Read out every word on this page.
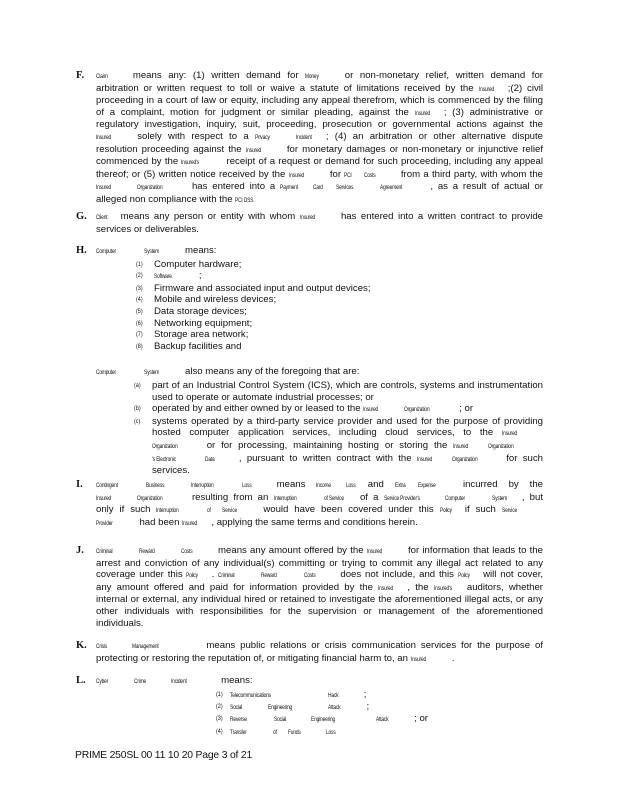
F. Claim	means any: (1) written demand for Money	or non-monetary relief, written demand for arbitration or written request to toll or waive a statute of limitations received by the Insured ;(2) civil proceeding in a court of law or equity, including any appeal therefrom, which is commenced by the filing of a complaint, motion for judgment or similar pleading, against the Insured ; (3) administrative or regulatory investigation, inquiry, suit, proceeding, prosecution or governmental actions against the Insured	solely with respect to a Privacy	Incident ; (4) an arbitration or other alternative dispute resolution proceeding against the Insured	for monetary damages or non-monetary or injunctive relief commenced by the Insured's	receipt of a request or demand for such proceeding, including any appeal thereof; or (5) written notice received by the Insured	for PCI Costs	from a third party, with whom the Insured	Organization	has entered into a Payment Card Services	Agreement	, as a result of actual or alleged non compliance with the PCI DSS.
G. Client means any person or entity with whom Insured	has entered into a written contract to provide services or deliverables.
H. Computer	System	means:
(1) Computer hardware;
(2) Software	;
(3) Firmware and associated input and output devices;
(4) Mobile and wireless devices;
(5) Data storage devices;
(6) Networking equipment;
(7) Storage area network;
(8) Backup facilities and
Computer	System	also means any of the foregoing that are:
(a) part of an Industrial Control System (ICS), which are controls, systems and instrumentation used to operate or automate industrial processes; or
(b) operated by and either owned by or leased to the Insured	Organization	; or
(c) systems operated by a third-party service provider and used for the purpose of providing hosted computer application services, including cloud services, to the InsuredOrganization	or for processing, maintaining hosting or storing the Insured	Organization's Electronic	Data	, pursuant to written contract with the Insured	Organization	for such services.
I. Contingent	Business	Interruption	Loss	means Income Loss and Extra Expense	incurred by the Insured	Organization	resulting from an Interruption	of Service of a Service Provider's	Computer	System , but only if such Interruption	of Service	would have been covered under this Policy if such ServiceProvider	had been Insured , applying the same terms and conditions herein.
J. Criminal	Reward	Costs	means any amount offered by the Insured	for information that leads to the arrest and conviction of any individual(s) committing or trying to commit any illegal act related to any coverage under this Policy . Criminal	Reward	Costs	does not include, and this Policy will not cover, any amount offered and paid for information provided by the Insured , the Insured's auditors, whether internal or external, any individual hired or retained to investigate the aforementioned illegal acts, or any other individuals with responsibilities for the supervision or management of the aforementioned individuals.
K. Crisis	Management	means public relations or crisis communication services for the purpose of protecting or restoring the reputation of, or mitigating financial harm to, an Insured	.
L. Cyber	Crime	Incident	means:
(1) Telecommunications	Hack	;
(2) Social	Engineering	Attack	;
(3) Reverse	Social	Engineering	Attack	; or
(4) Transfer	of Funds	Loss
PRIME 250SL 00 11 10 20 Page 3 of 21
